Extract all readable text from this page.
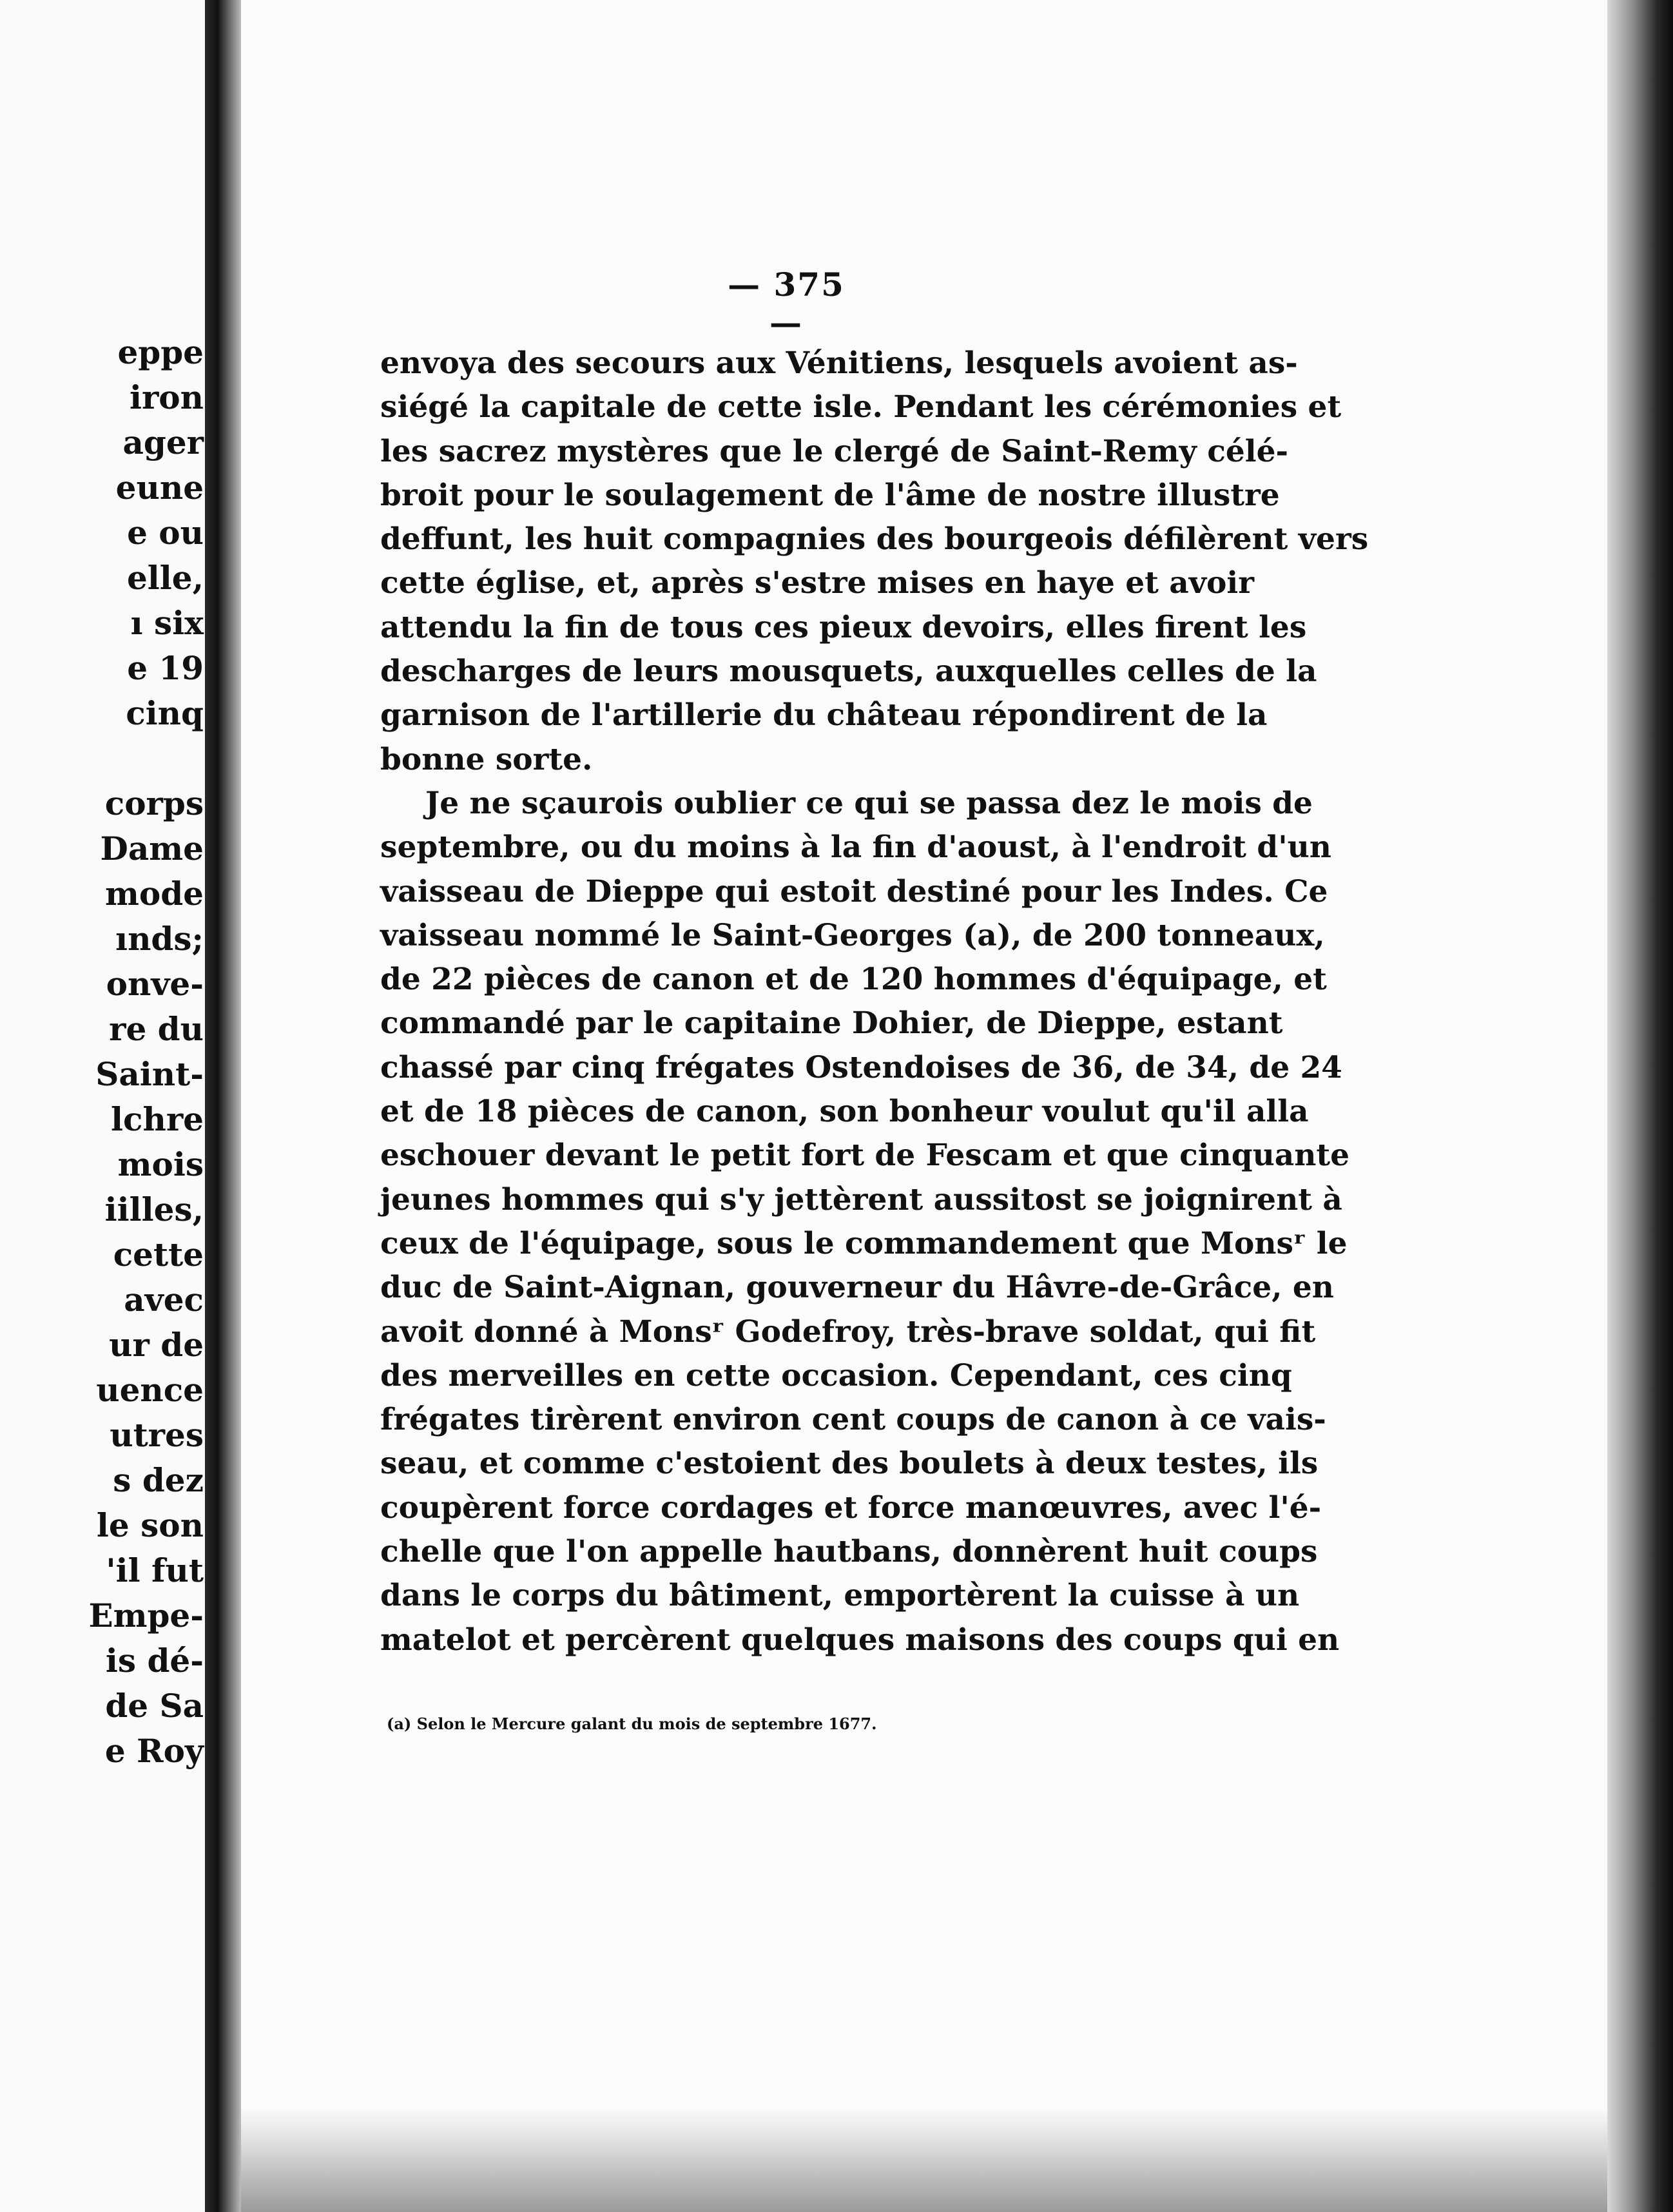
eppe
iron
ager
eune
e ou
elle,
ı six
e 19
cinq
corps
Dame
mode
ınds;
onve-
re du
Saint-
lchre
mois
iilles,
cette
avec
ur de
uence
utres
s dez
le son
'il fut
Empe-
is dé-
de Sa
e Roy
— 375 —
envoya des secours aux Vénitiens, lesquels avoient as-
siégé la capitale de cette isle. Pendant les cérémonies et
les sacrez mystères que le clergé de Saint-Remy célé-
broit pour le soulagement de l'âme de nostre illustre
deffunt, les huit compagnies des bourgeois défilèrent vers
cette église, et, après s'estre mises en haye et avoir
attendu la fin de tous ces pieux devoirs, elles firent les
descharges de leurs mousquets, auxquelles celles de la
garnison de l'artillerie du château répondirent de la
bonne sorte.
Je ne sçaurois oublier ce qui se passa dez le mois de
septembre, ou du moins à la fin d'aoust, à l'endroit d'un
vaisseau de Dieppe qui estoit destiné pour les Indes. Ce
vaisseau nommé le Saint-Georges (a), de 200 tonneaux,
de 22 pièces de canon et de 120 hommes d'équipage, et
commandé par le capitaine Dohier, de Dieppe, estant
chassé par cinq frégates Ostendoises de 36, de 34, de 24
et de 18 pièces de canon, son bonheur voulut qu'il alla
eschouer devant le petit fort de Fescam et que cinquante
jeunes hommes qui s'y jettèrent aussitost se joignirent à
ceux de l'équipage, sous le commandement que Monsʳ le
duc de Saint-Aignan, gouverneur du Hâvre-de-Grâce, en
avoit donné à Monsʳ Godefroy, très-brave soldat, qui fit
des merveilles en cette occasion. Cependant, ces cinq
frégates tirèrent environ cent coups de canon à ce vais-
seau, et comme c'estoient des boulets à deux testes, ils
coupèrent force cordages et force manœuvres, avec l'é-
chelle que l'on appelle hautbans, donnèrent huit coups
dans le corps du bâtiment, emportèrent la cuisse à un
matelot et percèrent quelques maisons des coups qui en
(a) Selon le Mercure galant du mois de septembre 1677.
